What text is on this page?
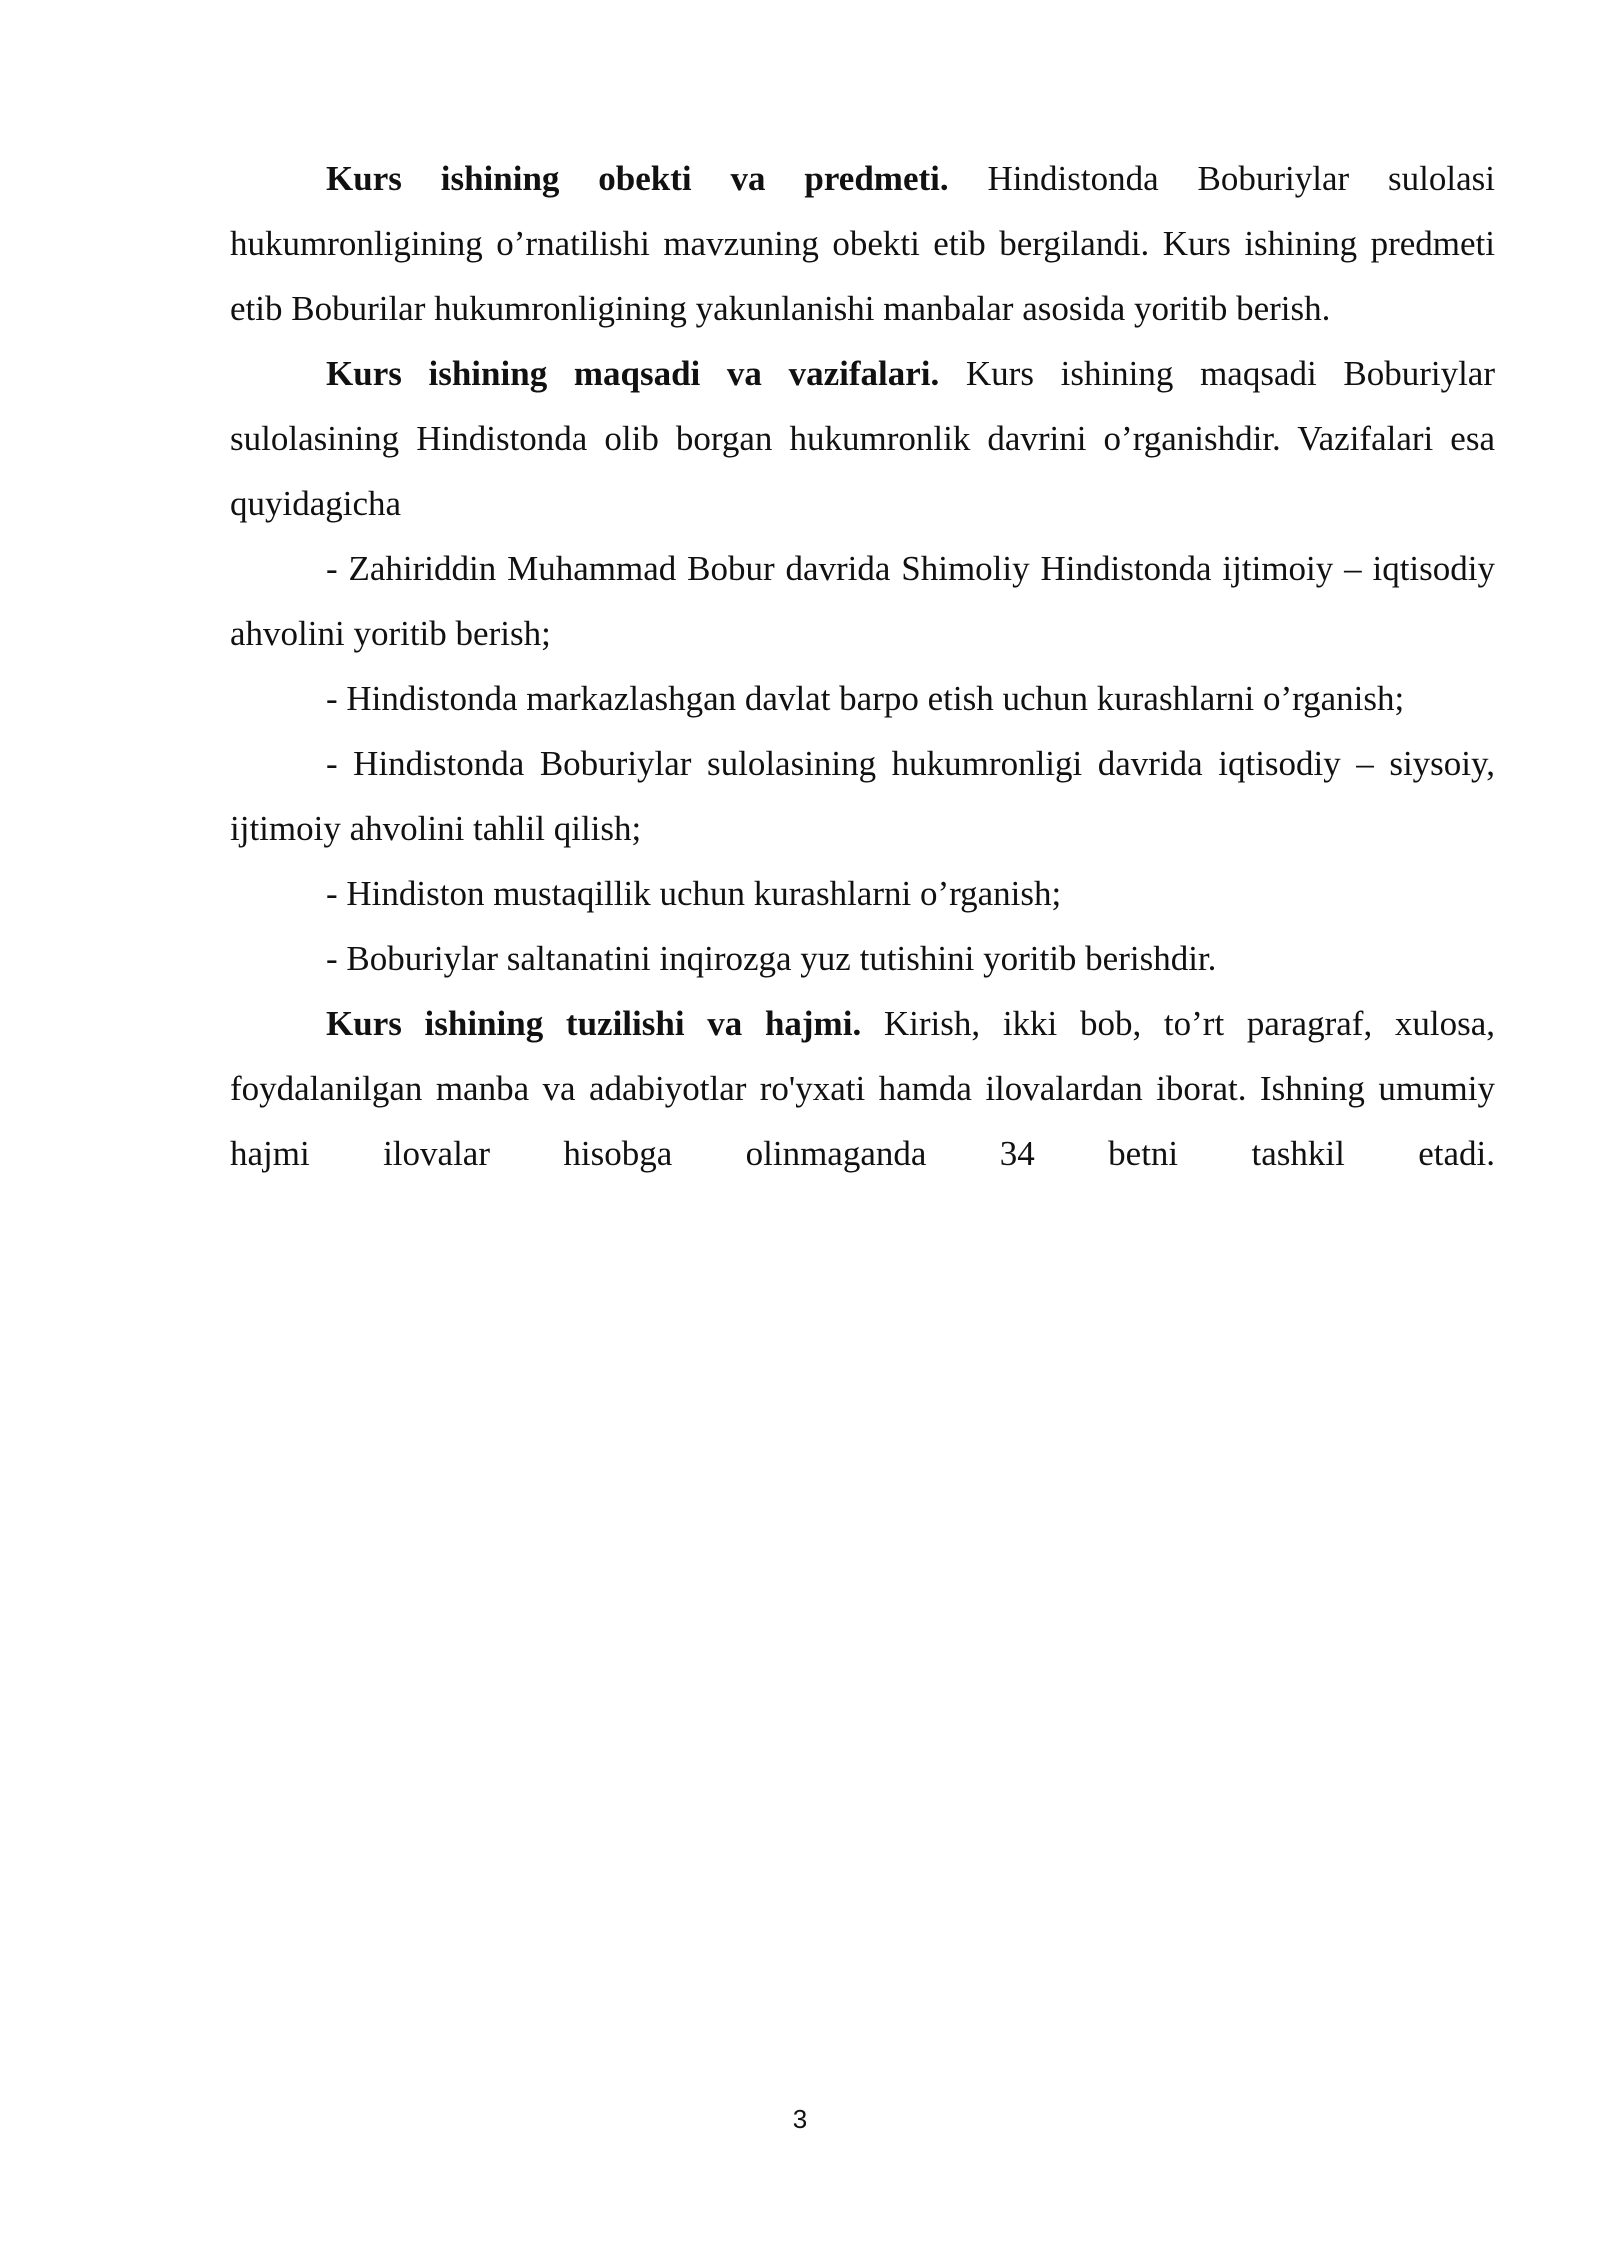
Kurs ishining obekti va predmeti. Hindistonda Boburiylar sulolasi hukumronligining o’rnatilishi mavzuning obekti etib bergilandi. Kurs ishining predmeti etib Boburilar hukumronligining yakunlanishi manbalar asosida yoritib berish.

Kurs ishining maqsadi va vazifalari. Kurs ishining maqsadi Boburiylar sulolasining Hindistonda olib borgan hukumronlik davrini o’rganishdir. Vazifalari esa quyidagicha

- Zahiriddin Muhammad Bobur davrida Shimoliy Hindistonda ijtimoiy – iqtisodiy ahvolini yoritib berish;

- Hindistonda markazlashgan davlat barpo etish uchun kurashlarni o’rganish;

- Hindistonda Boburiylar sulolasining hukumronligi davrida iqtisodiy – siysoiy, ijtimoiy ahvolini tahlil qilish;

- Hindiston mustaqillik uchun kurashlarni o’rganish;

- Boburiylar saltanatini inqirozga yuz tutishini yoritib berishdir.

Kurs ishining tuzilishi va hajmi. Kirish, ikki bob, to’rt paragraf, xulosa, foydalanilgan manba va adabiyotlar ro'yxati hamda ilovalardan iborat. Ishning umumiy hajmi ilovalar hisobga olinmaganda 34 betni tashkil etadi.

3
